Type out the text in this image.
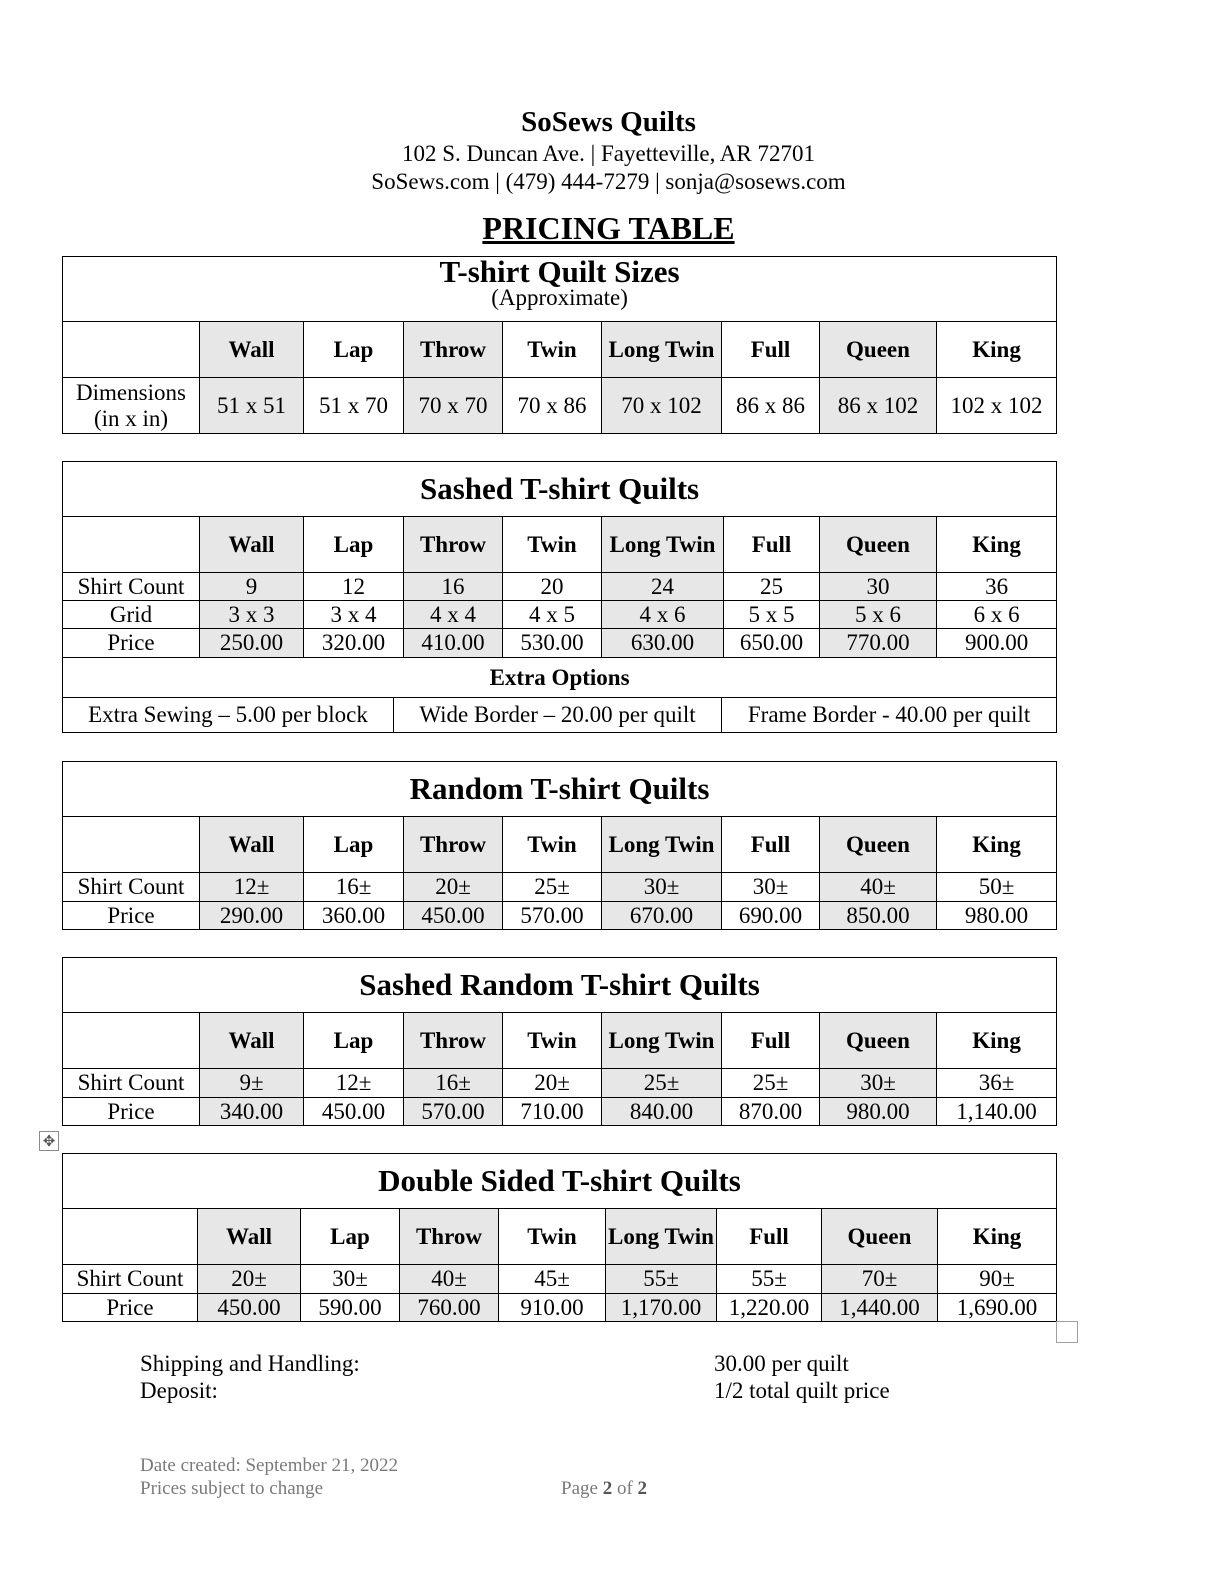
SoSews Quilts
102 S. Duncan Ave. | Fayetteville, AR 72701
SoSews.com | (479) 444-7279 | sonja@sosews.com
PRICING TABLE
T-shirt Quilt Sizes
(Approximate)								

	Wall	Lap	Throw	Twin	Long Twin	Full	Queen	King
Dimensions (in x in)	51 x 51	51 x 70	70 x 70	70 x 86	70 x 102	86 x 86	86 x 102	102 x 102
Sashed T-shirt Quilts										
	Wall	Lap		Throw	Twin	Long Twin		Full	Queen	King
Shirt Count	9	12		16	20	24		25	30	36
Grid	3 x 3	3 x 4		4 x 4	4 x 5	4 x 6		5 x 5	5 x 6	6 x 6
Price	250.00	320.00		410.00	530.00	630.00		650.00	770.00	900.00
Extra Options										
Extra Sewing – 5.00 per block			Wide Border – 20.00 per quilt				Frame Border - 40.00 per quilt			
Random T-shirt Quilts								
	Wall	Lap	Throw	Twin	Long Twin	Full	Queen	King
Shirt Count	12±	16±	20±	25±	30±	30±	40±	50±
Price	290.00	360.00	450.00	570.00	670.00	690.00	850.00	980.00
Sashed Random T-shirt Quilts								
	Wall	Lap	Throw	Twin	Long Twin	Full	Queen	King
Shirt Count	9±	12±	16±	20±	25±	25±	30±	36±
Price	340.00	450.00	570.00	710.00	840.00	870.00	980.00	1,140.00
✥
Double Sided T-shirt Quilts								
	Wall	Lap	Throw	Twin	Long Twin	Full	Queen	King
Shirt Count	20±	30±	40±	45±	55±	55±	70±	90±
Price	450.00	590.00	760.00	910.00	1,170.00	1,220.00	1,440.00	1,690.00
Shipping and Handling:	30.00 per quilt
Deposit:	1/2 total quilt price
Date created: September 21, 2022
Prices subject to change	Page 2 of 2
